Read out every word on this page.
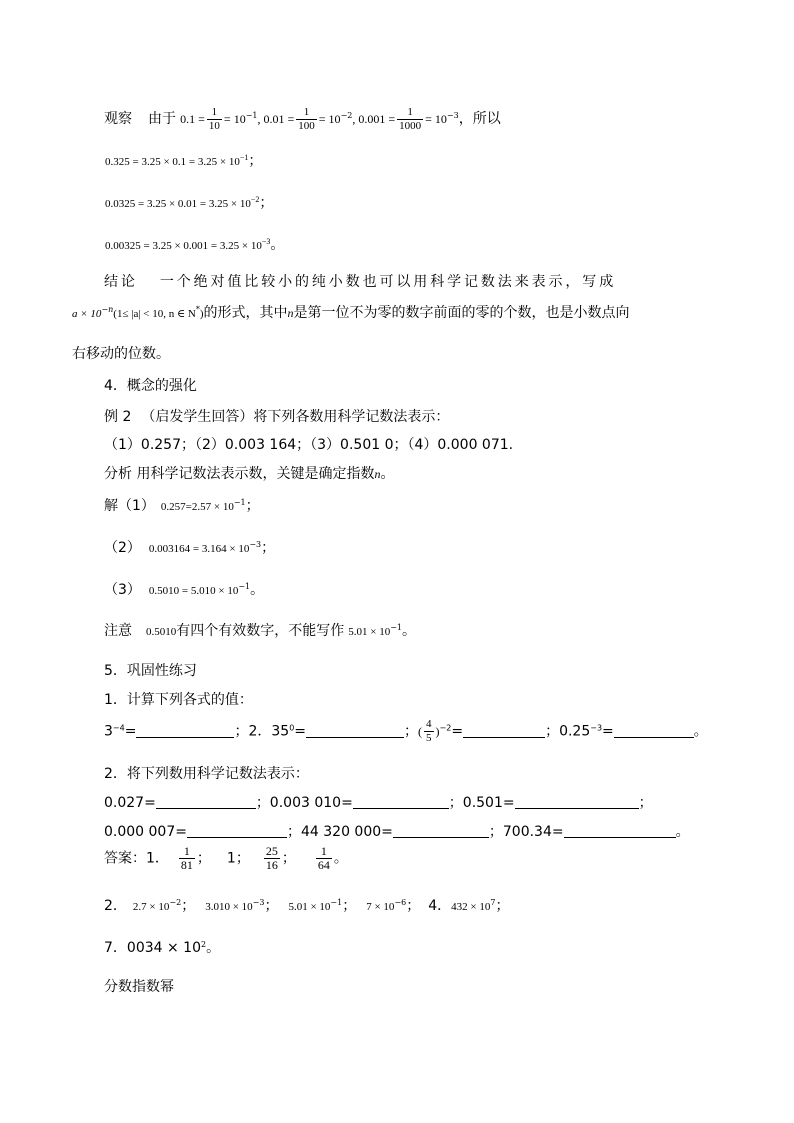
观察 由于 $0.1 = \frac{1}{10} = 10^{-1}$, $0.01 = \frac{1}{100} = 10^{-2}$, $0.001 = \frac{1}{1000} = 10^{-3}$，所以
$0.325 = 3.25 \times 0.1 = 3.25 \times 10^{-1}$；
$0.0325 = 3.25 \times 0.01 = 3.25 \times 10^{-2}$；
$0.00325 = 3.25 \times 0.001 = 3.25 \times 10^{-3}$。
结论 一个绝对值比较小的纯小数也可以用科学记数法来表示，写成
$a \times 10^{-n}(1\le |a| < 10$, n ∈ N*)的形式，其中n是第一位不为零的数字前面的零的个数，也是小数点向
右移动的位数。
4．概念的强化
例 2 （启发学生回答）将下列各数用科学记数法表示：
（1）0.257；（2）0.003 164；（3）0.501 0；（4）0.000 071.
分析 用科学记数法表示数，关键是确定指数n。
解（1） $0.257=2.57 \times 10^{-1}$；
（2） $0.003164 = 3.164 \times 10^{-3}$；
（3） $0.5010 = 5.010 \times 10^{-1}$。
注意 0.5010有四个有效数字，不能写作 $5.01 \times 10^{-1}$。
5．巩固性练习
1．计算下列各式的值：
$3^{-4}=$	；2．$35^0=$	；( $\frac{4}{5} )^{-2}=$	；$0.25^{-3}=$	。
2．将下列数用科学记数法表示：
0.027=	；0.003 010=	；0.501=	；
0.000 007=	；44 320 000=	；700.34=	。
答案：1． $\frac{1}{81}$ ； 1； $\frac{25}{16}$ ； $\frac{1}{64}$ 。
2． $2.7 \times 10^{-2}$； $3.010 \times 10^{-3}$； $5.01 \times 10^{-1}$； $7 \times 10^{-6}$； 4．$432 \times 10^7$；
7．$0034 \times 10^2$。
分数指数幂
